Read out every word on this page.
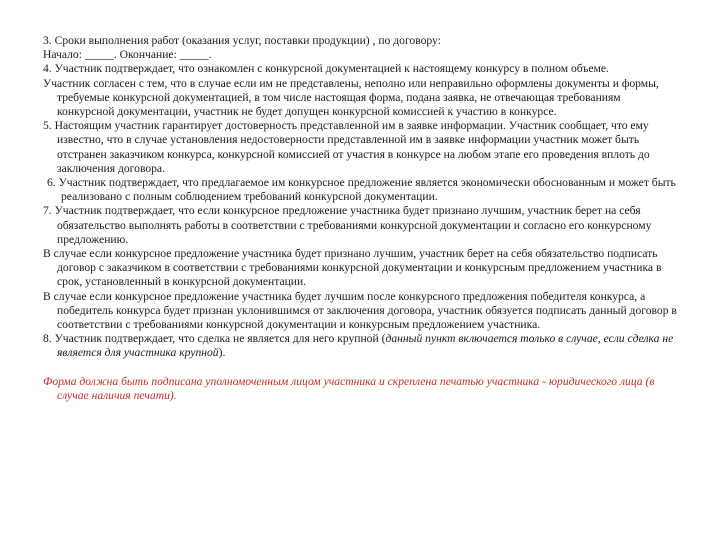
3. Сроки выполнения работ (оказания услуг, поставки продукции) , по договору:

Начало: _____. Окончание: _____.

4. Участник подтверждает, что ознакомлен с конкурсной документацией к настоящему конкурсу в полном объеме.

Участник согласен с тем, что в случае если им не представлены, неполно или неправильно оформлены документы и формы, требуемые конкурсной документацией, в том числе настоящая форма, подана заявка, не отвечающая требованиям конкурсной документации, участник не будет допущен конкурсной комиссией к участию в конкурсе.

5. Настоящим участник гарантирует достоверность представленной им в заявке информации. Участник сообщает, что ему известно, что в случае установления недостоверности представленной им в заявке информации участник может быть отстранен заказчиком конкурса, конкурсной комиссией от участия в конкурсе на любом этапе его проведения вплоть до заключения договора.

6. Участник подтверждает, что предлагаемое им конкурсное предложение является экономически обоснованным и может быть реализовано с полным соблюдением требований конкурсной документации.

7. Участник подтверждает, что если конкурсное предложение участника будет признано лучшим, участник берет на себя обязательство выполнять работы в соответствии с требованиями конкурсной документации и согласно его конкурсному предложению.

В случае если конкурсное предложение участника будет признано лучшим, участник берет на себя обязательство подписать договор с заказчиком в соответствии с требованиями конкурсной документации и конкурсным предложением участника в срок, установленный в конкурсной документации.

В случае если конкурсное предложение участника будет лучшим после конкурсного предложения победителя конкурса, а победитель конкурса будет признан уклонившимся от заключения договора, участник обязуется подписать данный договор в соответствии с требованиями конкурсной документации и конкурсным предложением участника.

8. Участник подтверждает, что сделка не является для него крупной (данный пункт включается только в случае, если сделка не является для участника крупной).

Форма должна быть подписана уполномоченным лицом участника и скреплена печатью участника - юридического лица (в случае наличия печати).
